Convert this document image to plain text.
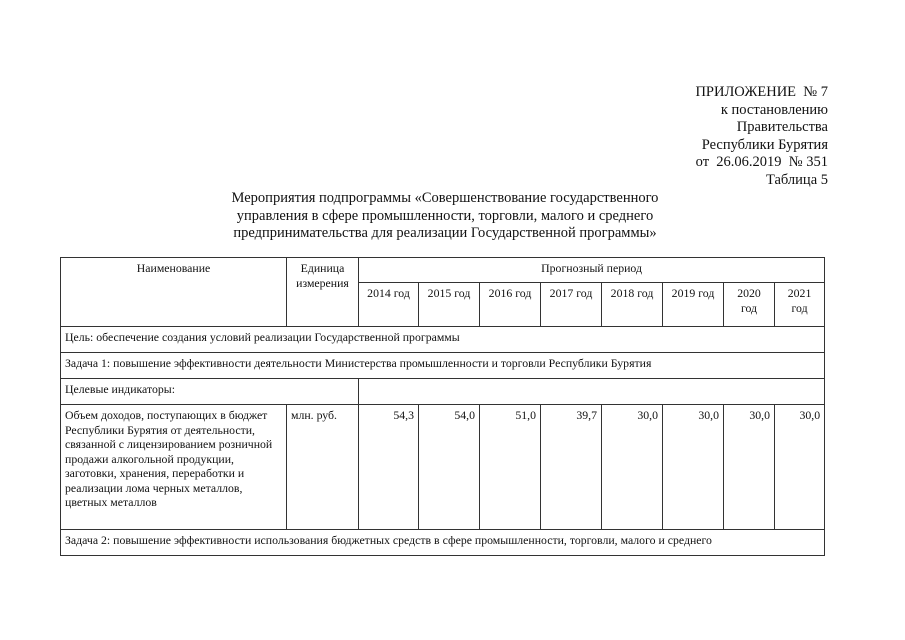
ПРИЛОЖЕНИЕ  № 7
к постановлению
Правительства
Республики Бурятия
от  26.06.2019  № 351
Таблица 5
Мероприятия подпрограммы «Совершенствование государственного управления в сфере промышленности, торговли, малого и среднего предпринимательства для реализации Государственной программы»
Наименование	Единица измерения	Прогнозный период							
		2014 год	2015 год	2016 год	2017 год	2018 год	2019 год	2020 год	2021 год
Цель: обеспечение создания условий реализации Государственной программы									
Задача 1: повышение эффективности деятельности Министерства промышленности и торговли Республики Бурятия									
Целевые индикаторы:									
Объем доходов, поступающих в бюджет Республики Бурятия от деятельности, связанной с лицензированием розничной продажи алкогольной продукции, заготовки, хранения, переработки и реализации лома черных металлов, цветных металлов	млн. руб.	54,3	54,0	51,0	39,7	30,0	30,0	30,0	30,0
Задача 2: повышение эффективности использования бюджетных средств в сфере промышленности, торговли, малого и среднего									
